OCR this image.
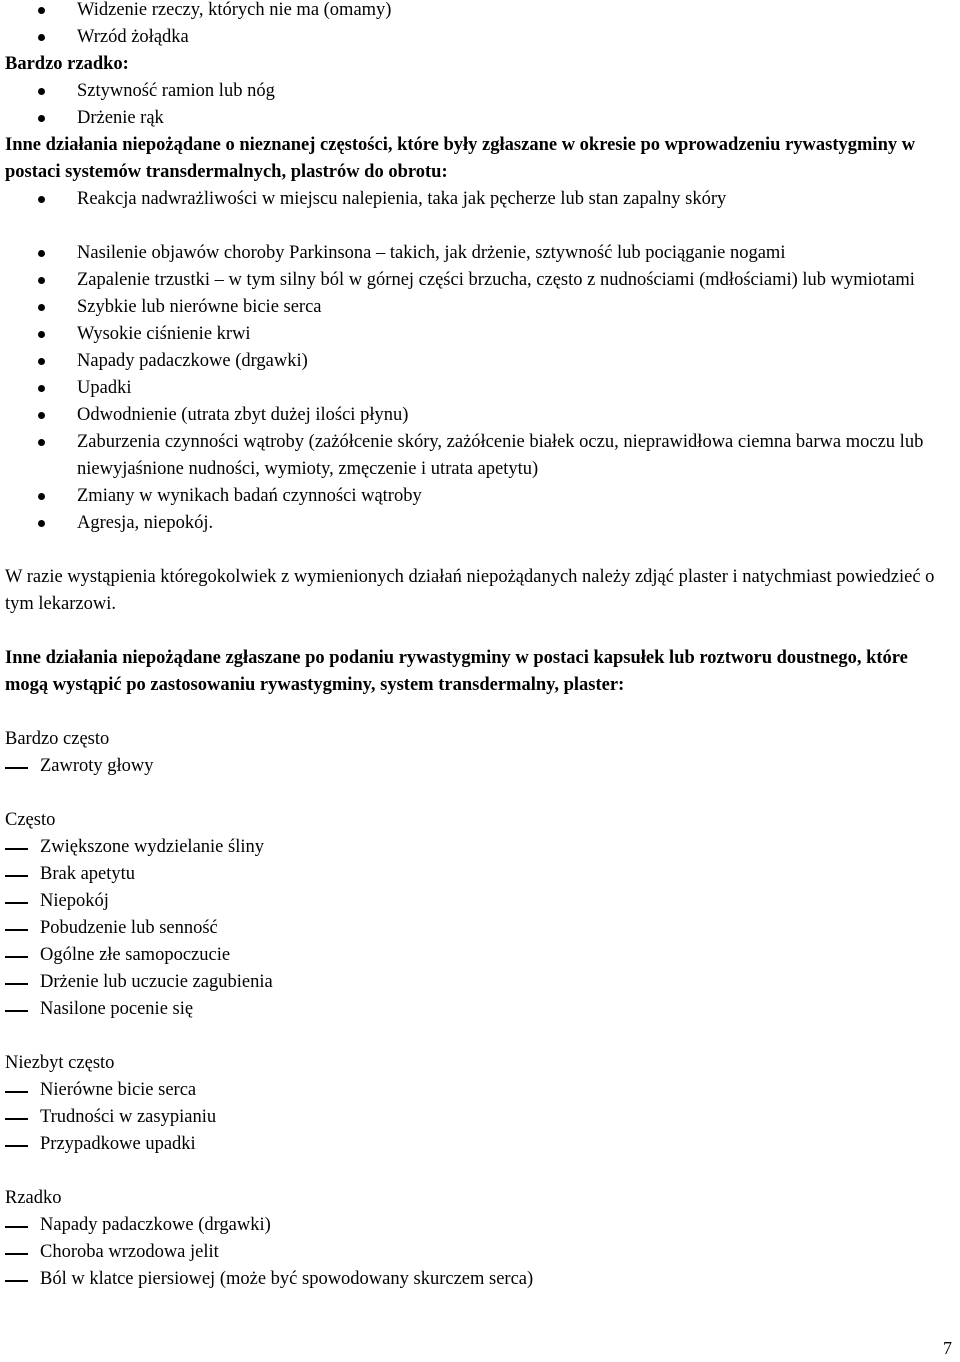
Widzenie rzeczy, których nie ma (omamy)
Wrzód żołądka
Bardzo rzadko:
Sztywność ramion lub nóg
Drżenie rąk
Inne działania niepożądane o nieznanej częstości, które były zgłaszane w okresie po wprowadzeniu rywastygminy w postaci systemów transdermalnych, plastrów do obrotu:
Reakcja nadwrażliwości w miejscu nalepienia, taka jak pęcherze lub stan zapalny skóry
Nasilenie objawów choroby Parkinsona – takich, jak drżenie, sztywność lub pociąganie nogami
Zapalenie trzustki – w tym silny ból w górnej części brzucha, często z nudnościami (mdłościami) lub wymiotami
Szybkie lub nierówne bicie serca
Wysokie ciśnienie krwi
Napady padaczkowe (drgawki)
Upadki
Odwodnienie (utrata zbyt dużej ilości płynu)
Zaburzenia czynności wątroby (zażółcenie skóry, zażółcenie białek oczu, nieprawidłowa ciemna barwa moczu lub niewyjaśnione nudności, wymioty, zmęczenie i utrata apetytu)
Zmiany w wynikach badań czynności wątroby
Agresja, niepokój.
W razie wystąpienia któregokolwiek z wymienionych działań niepożądanych należy zdjąć plaster i natychmiast powiedzieć o tym lekarzowi.
Inne działania niepożądane zgłaszane po podaniu rywastygminy w postaci kapsułek lub roztworu doustnego, które mogą wystąpić po zastosowaniu rywastygminy, system transdermalny, plaster:
Bardzo często
Zawroty głowy
Często
Zwiększone wydzielanie śliny
Brak apetytu
Niepokój
Pobudzenie lub senność
Ogólne złe samopoczucie
Drżenie lub uczucie zagubienia
Nasilone pocenie się
Niezbyt często
Nierówne bicie serca
Trudności w zasypianiu
Przypadkowe upadki
Rzadko
Napady padaczkowe (drgawki)
Choroba wrzodowa jelit
Ból w klatce piersiowej (może być spowodowany skurczem serca)
7
